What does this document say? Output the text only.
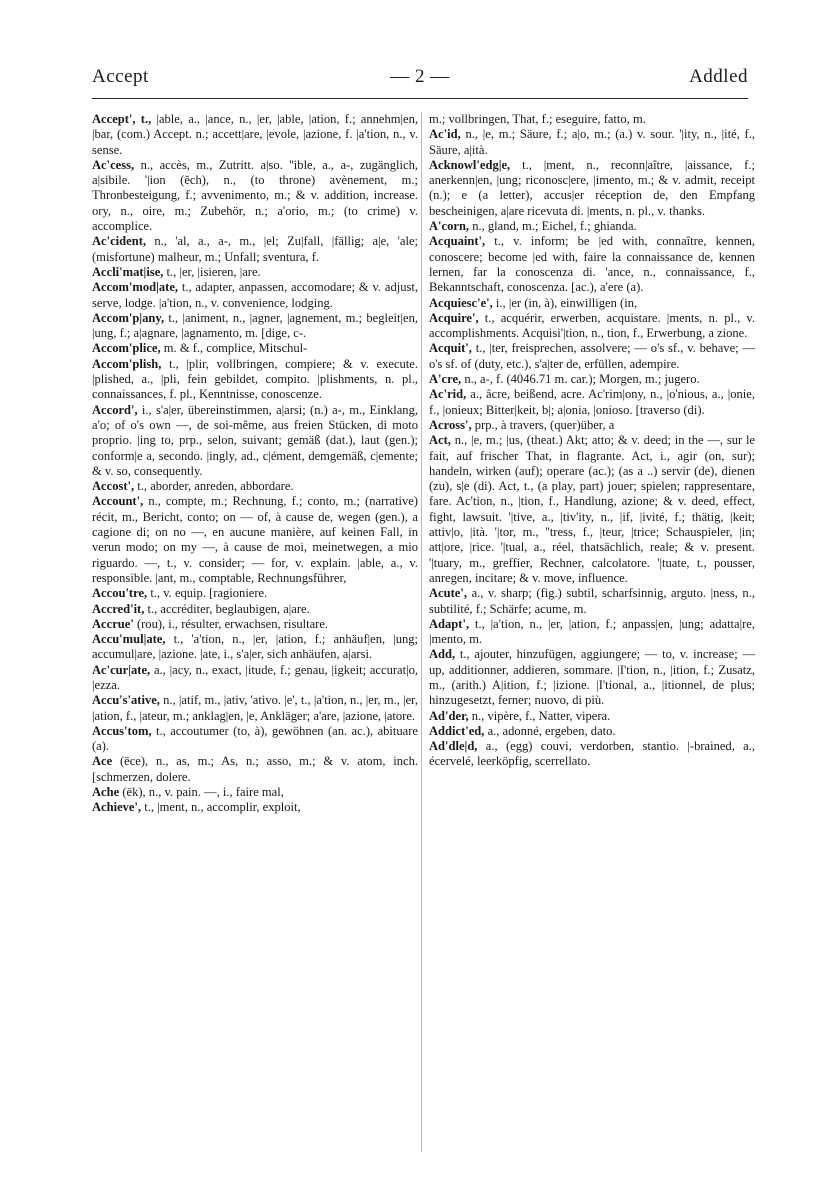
Accept	— 2 —	Addled

Accept', t., |able, a., |ance, n., |er, |able, |ation, f.; annehm|en, |bar, (com.) Accept. n.; accett|are, |evole, |azione, f. |a'tion, n., v. sense.

Ac'cess, n., accès, m., Zutritt. a|so. ''ible, a., a-, zugänglich, a|sibile. '|ion (ěch), n., (to throne) avènement, m.; Thronbesteigung, f.; avvenimento, m.; & v. addition, increase. ory, n., oire, m.; Zubehör, n.; a'orio, m.; (to crime) v. accomplice.

Ac'cident, n., 'al, a., a-, m., |el; Zu|fall, |fällig; a|e, 'ale; (misfortune) malheur, m.; Unfall; sventura, f.

Accli'mat|ise, t., |er, |isieren, |are.

Accom'mod|ate, t., adapter, anpassen, accomodare; & v. adjust, serve, lodge. |a'tion, n., v. convenience, lodging.

Accom'p|any, t., |animent, n., |agner, |agnement, m.; begleit|en, |ung, f.; a|agnare, |agnamento, m. [dige, c-.

Accom'plice, m. & f., complice, Mitschul-

Accom'plish, t., |plir, vollbringen, compiere; & v. execute. |plished, a., |pli, fein gebildet, compito. |plishments, n. pl., connaissances, f. pl., Kenntnisse, conoscenze.

Accord', i., s'a|er, übereinstimmen, a|arsi; (n.) a-, m., Einklang, a'o; of o's own —, de soi-même, aus freien Stücken, di moto proprio. |ing to, prp., selon, suivant; gemäß (dat.), laut (gen.); conform|e a, secondo. |ingly, ad., c|ément, demgemäß, c|emente; & v. so, consequently.

Accost', t., aborder, anreden, abbordare.

Account', n., compte, m.; Rechnung, f.; conto, m.; (narrative) récit, m., Bericht, conto; on — of, à cause de, wegen (gen.), a cagione di; on no —, en aucune manière, auf keinen Fall, in verun modo; on my —, à cause de moi, meinetwegen, a mio riguardo. —, t., v. consider; — for, v. explain. |able, a., v. responsible. |ant, m., comptable, Rechnungsführer,

Accou'tre, t., v. equip. [ragioniere.

Accred'it, t., accréditer, beglaubigen, a|are.

Accrue' (rou), i., résulter, erwachsen, risultare.

Accu'mul|ate, t., 'a'tion, n., |er, |ation, f.; anhäuf|en, |ung; accumul|are, |azione. |ate, i., s'a|er, sich anhäufen, a|arsi.

Ac'cur|ate, a., |acy, n., exact, |itude, f.; genau, |igkeit; accurat|o, |ezza.

Accu's'ative, n., |atif, m., |ativ, 'ativo. |e', t., |a'tion, n., |er, m., |er, |ation, f., |ateur, m.; anklag|en, |e, Ankläger; a'are, |azione, |atore.

Accus'tom, t., accoutumer (to, à), gewöhnen (an. ac.), abituare (a).

Ace (ēce), n., as, m.; As, n.; asso, m.; & v. atom, inch. [schmerzen, dolere.

Ache (ēk), n., v. pain. —, i., faire mal,

Achieve', t., |ment, n., accomplir, exploit,

m.; vollbringen, That, f.; eseguire, fatto, m.

Ac'id, n., |e, m.; Säure, f.; a|o, m.; (a.) v. sour. '|ity, n., |ité, f., Säure, a|ità.

Acknowl'edg|e, t., |ment, n., reconn|aître, |aissance, f.; anerkenn|en, |ung; riconosc|ere, |imento, m.; & v. admit, receipt (n.); e (a letter), accus|er réception de, den Empfang bescheinigen, a|are ricevuta di. |ments, n. pl., v. thanks.

A'corn, n., gland, m.; Eichel, f.; ghianda.

Acquaint', t., v. inform; be |ed with, connaître, kennen, conoscere; become |ed with, faire la connaissance de, kennen lernen, far la conoscenza di. 'ance, n., connaissance, f., Bekanntschaft, conoscenza. [ac.), a'ere (a).

Acquiesc'e', i., |er (in, à), einwilligen (in,

Acquire', t., acquérir, erwerben, acquistare. |ments, n. pl., v. accomplishments. Acquisi'|tion, n., tion, f., Erwerbung, a zione.

Acquit', t., |ter, freisprechen, assolvere; — o's sf., v. behave; — o's sf. of (duty, etc.), s'a|ter de, erfüllen, adempire.

A'cre, n., a-, f. (4046.71 m. car.); Morgen, m.; jugero.

Ac'rid, a., âcre, beißend, acre. Ac'rim|ony, n., |o'nious, a., |onie, f., |onieux; Bitter|keit, b|; a|onia, |onioso. [traverso (di).

Across', prp., à travers, (quer)über, a

Act, n., |e, m.; |us, (theat.) Akt; atto; & v. deed; in the —, sur le fait, auf frischer That, in flagrante. Act, i., agir (on, sur); handeln, wirken (auf); operare (ac.); (as a ..) servir (de), dienen (zu), s|e (di). Act, t., (a play, part) jouer; spielen; rappresentare, fare. Ac'tion, n., |tion, f., Handlung, azione; & v. deed, effect, fight, lawsuit. '|tive, a., |tiv'ity, n., |if, |ivité, f.; thätig, |keit; attiv|o, |ità. '|tor, m., ''tress, f., |teur, |trice; Schauspieler, |in; att|ore, |rice. '|tual, a., réel, thatsächlich, reale; & v. present. '|tuary, m., greffier, Rechner, calcolatore. '|tuate, t., pousser, anregen, incitare; & v. move, influence.

Acute', a., v. sharp; (fig.) subtil, scharfsinnig, arguto. |ness, n., subtilité, f.; Schärfe; acume, m.

Adapt', t., |a'tion, n., |er, |ation, f.; anpass|en, |ung; adatta|re, |mento, m.

Add, t., ajouter, hinzufügen, aggiungere; — to, v. increase; — up, additionner, addieren, sommare. |I'tion, n., |ition, f.; Zusatz, m., (arith.) A|ition, f.; |izione. |I'tional, a., |itionnel, de plus; hinzugesetzt, ferner; nuovo, di più.

Ad'der, n., vipère, f., Natter, vipera.

Addict'ed, a., adonné, ergeben, dato.

Ad'dle|d, a., (egg) couvi, verdorben, stantio. |-brained, a., écervelé, leerköpfig, scerrellato.
